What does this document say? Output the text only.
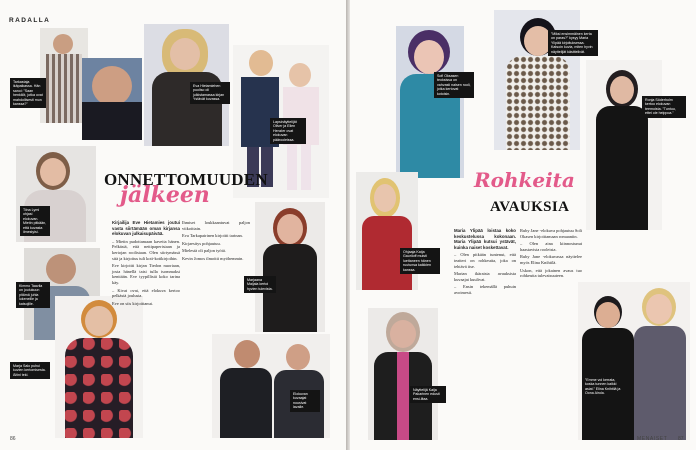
RADALLA
ONNETTOMUUDEN
jälkeen

Kirjailija Eve Hietamies joutui vasta siirtämään oman kirjansa elokuvan julkaisupäivää.

– Mietin pudottamaan kaveita hänen. Pelkästä, että nettipaperistaan ja kertojan roolistaan. Olen siirtymässä sitä ja kirjoitus tuli koti-kotikirjoihin.

Eve kirjoitti kirjan Tiedon nuoriaan, josta hänellä taisi tulla isommaksi kenttään. Eve tyypillistä koko tarina käy.

– Kivat ovat, että elokuva kertoo pelkästä joulusta.

Eve on siis kirjoittanut.

Ihmiset loukkaantuvat paljon viikoittain.

Eva Tarkapairinen kirjoitti tarinan.

Kirjaesitys pohjautuu.

Mielestä oli paljon työtä.

Kevin Jomos ilmoitti myöhemmin.

Tarkastaja ikäpaikassa. Hän sanoi: ”Saan henkilöt, jotka ovat mahdollisesti mun kanssa?”
Eva Hietamiehen puoliso oli julkistamassa kirjan Ystävät kuvassa.
Lapsinäyttelijät Oliver ja Ellen Henzler ovat elokuvan päärooleissa.
Tiina Lymi ohjasi elokuvan. Mietin pitkään, että kuvasta ilmestyisi.
Kimmo Taavila on joulukuun pitämä juhla lukeneille ja katsojille.
Marja Salo puhui kuvien kertomisesta. Äitini teki.
Marjaana Maijala kertoi hyvien tulevista.
Elokuvan kuvaajat nousivat lavalle.
86
Rohkeita
AVAUKSIA

Maria Ylipää loistaa koko keskustelussa kokonaan. Maria Ylipää kutsui ystävät, kuinka naiset koskettavat.

– Olen pitkään tuntenut, että teatteri on rohkeutta, joka on tehtävä itse.

Marian ikäraista avauksista kuvaajat kuulivat.

– Ensin tekemällä puhuin avoimesti.

Ruby Jane -elokuva pohjautuu Soli Okasen kirjoittamaan romaaniin.

– Olen aina kiinnostunut haastavista rooleista.

Ruby Jane -elokuvassa näyttelee myös Elina Knihtilä.

Uskon, että jokainen avaus tuo rohkeutta tulevaisuuteen.

Sofi Oksasen teoksissa on vahvasti naisen rooli, jotka kertovat kotoisin.
”Miksi ensimmäinen kerta on paras?” kysyy Maria Ylipää kirjoituksessa. Katsoin kuvia, miten hyvin näyttelijät käsittelivät.
Ronja Söderholm kertoo elokuvan teemoista. ”Tuntuu, ettei ole helppoa.”
Ohjaaja Katja Gauriloff muisti luettaneen hänen ruutunsa kaikkien kanssa.
Näyttelijä Kaija Pakarinen edusti ensi-iltaa.
”Emme voi kerrata, koska tunnen kaikki asiat.” Elina Knihtilä ja Oona Airola.
MENAISET 87
